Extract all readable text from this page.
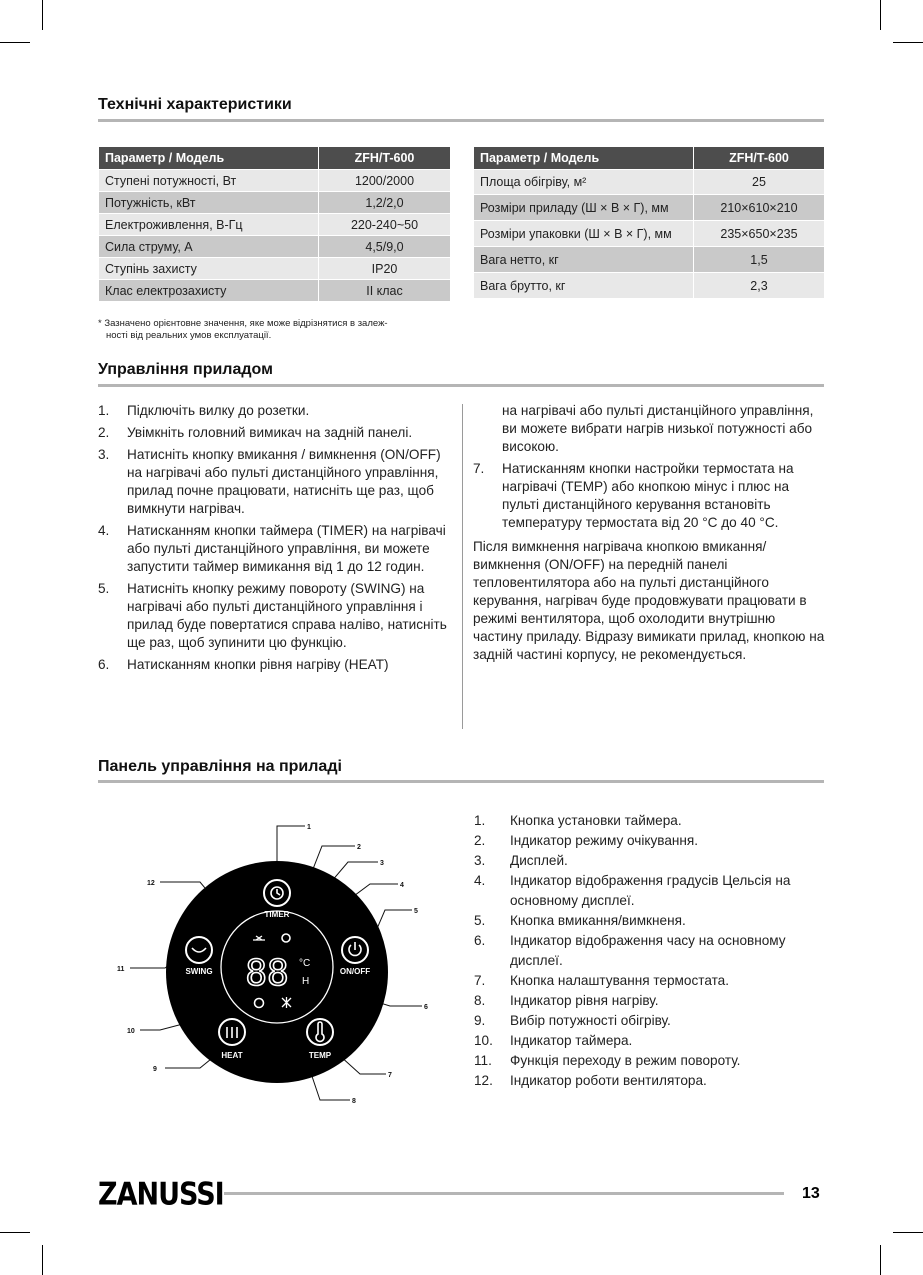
Технічні характеристики
Параметр / Модель	ZFH/T-600
Ступені потужності, Вт	1200/2000
Потужність, кВт	1,2/2,0
Електроживлення, В-Гц	220-240~50
Сила струму, А	4,5/9,0
Ступінь захисту	IP20
Клас електрозахисту	II клас
Параметр / Модель	ZFH/T-600
Площа обігріву, м²	25
Розміри приладу (Ш × В × Г), мм	210×610×210
Розміри упаковки (Ш × В × Г), мм	235×650×235
Вага нетто, кг	1,5
Вага брутто, кг	2,3
* Зазначено орієнтовне значення, яке може відрізнятися в залеж-
ності від реальних умов експлуатації.
Управління приладом
1. Підключіть вилку до розетки.
2. Увімкніть головний вимикач на задній панелі.
3. Натисніть кнопку вмикання / вимкнення (ON/OFF) на нагрівачі або пульті дистанційного управління, прилад почне працювати, натисніть ще раз, щоб вимкнути нагрівач.
4. Натисканням кнопки таймера (TIMER) на нагрівачі або пульті дистанційного управління, ви можете запустити таймер вимикання від 1 до 12 годин.
5. Натисніть кнопку режиму повороту (SWING) на нагрівачі або пульті дистанційного управління і прилад буде повертатися справа наліво, натисніть ще раз, щоб зупинити цю функцію.
6. Натисканням кнопки рівня нагріву (HEAT)
на нагрівачі або пульті дистанційного управління, ви можете вибрати нагрів низької потужності або високою.
7. Натисканням кнопки настройки термостата на нагрівачі (TEMP) або кнопкою мінус і плюс на пульті дистанційного керування встановіть температуру термостата від 20 °С до 40 °С.
Після вимкнення нагрівача кнопкою вмикання/вимкнення (ON/OFF) на передній панелі тепловентилятора або на пульті дистанційного керування, нагрівач буде продовжувати працювати в режимі вентилятора, щоб охолодити внутрішню частину приладу. Відразу вимикати прилад, кнопкою на задній частині корпусу, не рекомендується.
Панель управління на приладі
TIMER
SWING	ON/OFF
HEAT	TEMP
88 °C
H
1
2
3
4
5
6
7
8
9
10
11
12
1. Кнопка установки таймера.
2. Індикатор режиму очікування.
3. Дисплей.
4. Індикатор відображення градусів Цельсія на основному дисплеї.
5. Кнопка вмикання/вимкненя.
6. Індикатор відображення часу на основному дисплеї.
7. Кнопка налаштування термостата.
8. Індикатор рівня нагріву.
9. Вибір потужності обігріву.
10. Індикатор таймера.
11. Функція переходу в режим повороту.
12. Індикатор роботи вентилятора.
ZANUSSI	13
